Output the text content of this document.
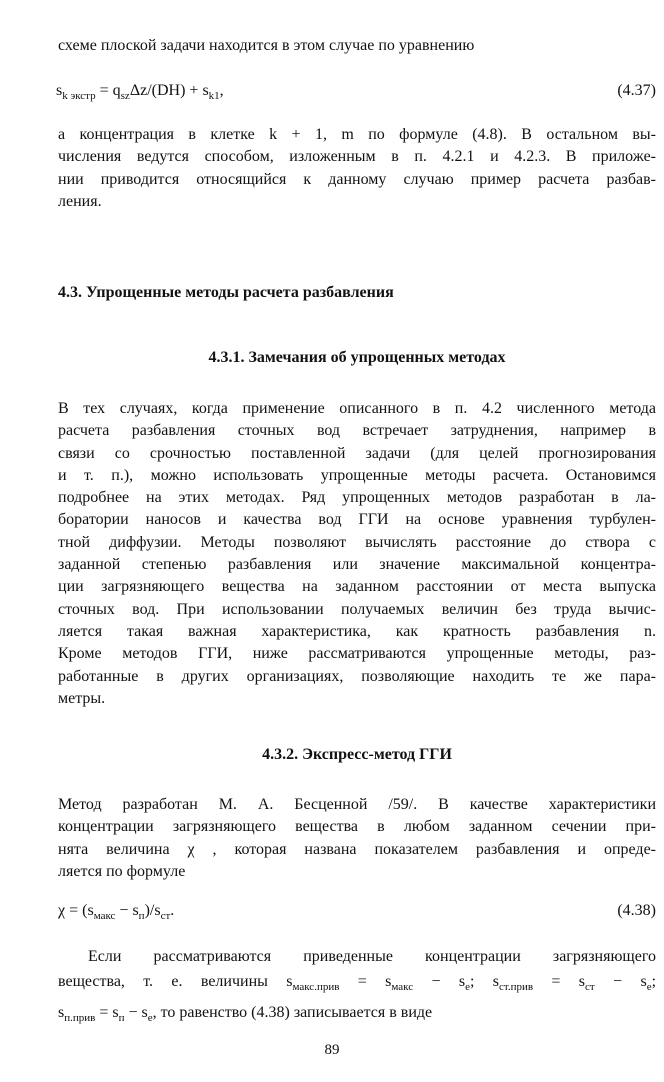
схеме плоской задачи находится в этом случае по уравнению

$s_{k экстр} = q_{sz}\Delta z/(DH) + s_{k1}$,	(4.37)

а концентрация в клетке k + 1, m по формуле (4.8). В остальном вы-
числения ведутся способом, изложенным в п. 4.2.1 и 4.2.3. В приложе-
нии приводится относящийся к данному случаю пример расчета разбав-
ления.

4.3. Упрощенные методы расчета разбавления
4.3.1. Замечания об упрощенных методах

В тех случаях, когда применение описанного в п. 4.2 численного метода
расчета разбавления сточных вод встречает затруднения, например в
связи со срочностью поставленной задачи (для целей прогнозирования
и т. п.), можно использовать упрощенные методы расчета. Остановимся
подробнее на этих методах. Ряд упрощенных методов разработан в ла-
боратории наносов и качества вод ГГИ на основе уравнения турбулен-
тной диффузии. Методы позволяют вычислять расстояние до створа с
заданной степенью разбавления или значение максимальной концентра-
ции загрязняющего вещества на заданном расстоянии от места выпуска
сточных вод. При использовании получаемых величин без труда вычис-
ляется такая важная характеристика, как кратность разбавления n.
Кроме методов ГГИ, ниже рассматриваются упрощенные методы, раз-
работанные в других организациях, позволяющие находить те же пара-
метры.

4.3.2. Экспресс-метод ГГИ

Метод разработан М. А. Бесценной /59/. В качестве характеристики
концентрации загрязняющего вещества в любом заданном сечении при-
нята величина χ , которая названа показателем разбавления и опреде-
ляется по формуле

$\chi = (s_{макс} - s_п)/s_{ст}$.	(4.38)

Если рассматриваются приведенные концентрации загрязняющего
вещества, т. е. величины $s_{макс.прив} = s_{макс} - s_е$; $s_{ст.прив} = s_{ст} - s_е$;
$s_{п.прив} = s_п - s_е$, то равенство (4.38) записывается в виде

89
